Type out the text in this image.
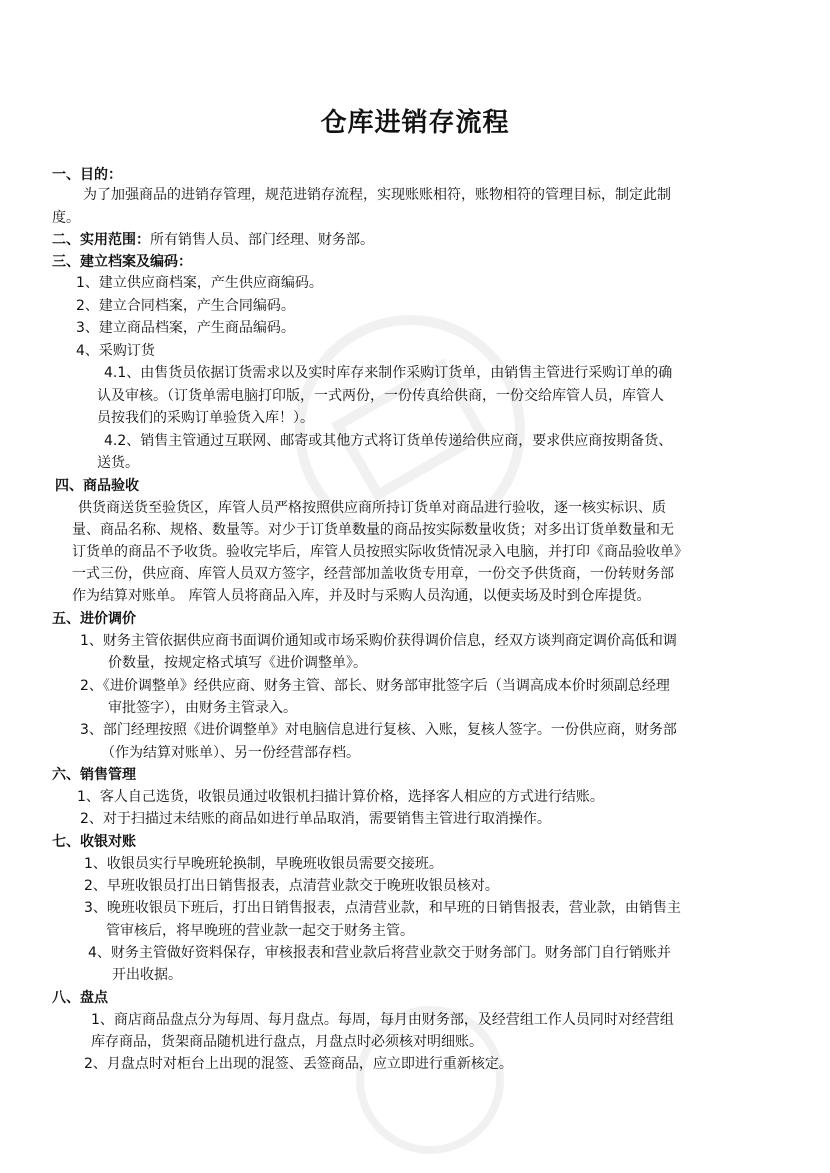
仓库进销存流程
一、目的：
为了加强商品的进销存管理，规范进销存流程，实现账账相符，账物相符的管理目标，制定此制
度。
二、实用范围：所有销售人员、部门经理、财务部。
三、建立档案及编码：
1、建立供应商档案，产生供应商编码。
2、建立合同档案，产生合同编码。
3、建立商品档案，产生商品编码。
4、采购订货
4.1、由售货员依据订货需求以及实时库存来制作采购订货单，由销售主管进行采购订单的确
认及审核。（订货单需电脑打印版，一式两份，一份传真给供商，一份交给库管人员，库管人
员按我们的采购订单验货入库！）。
4.2、销售主管通过互联网、邮寄或其他方式将订货单传递给供应商，要求供应商按期备货、
送货。
四、商品验收
供货商送货至验货区，库管人员严格按照供应商所持订货单对商品进行验收，逐一核实标识、质
量、商品名称、规格、数量等。对少于订货单数量的商品按实际数量收货；对多出订货单数量和无
订货单的商品不予收货。验收完毕后，库管人员按照实际收货情况录入电脑，并打印《商品验收单》
一式三份，供应商、库管人员双方签字，经营部加盖收货专用章，一份交予供货商，一份转财务部
作为结算对账单。 库管人员将商品入库，并及时与采购人员沟通，以便卖场及时到仓库提货。
五、进价调价
1、财务主管依据供应商书面调价通知或市场采购价获得调价信息，经双方谈判商定调价高低和调
价数量，按规定格式填写《进价调整单》。
2、《进价调整单》经供应商、财务主管、部长、财务部审批签字后（当调高成本价时须副总经理
审批签字），由财务主管录入。
3、部门经理按照《进价调整单》对电脑信息进行复核、入账，复核人签字。一份供应商，财务部
（作为结算对账单）、另一份经营部存档。
六、销售管理
1、客人自己选货，收银员通过收银机扫描计算价格，选择客人相应的方式进行结账。
2、对于扫描过未结账的商品如进行单品取消，需要销售主管进行取消操作。
七、收银对账
1、收银员实行早晚班轮换制，早晚班收银员需要交接班。
2、早班收银员打出日销售报表，点清营业款交于晚班收银员核对。
3、晚班收银员下班后，打出日销售报表，点清营业款，和早班的日销售报表，营业款，由销售主
管审核后，将早晚班的营业款一起交于财务主管。
4、财务主管做好资料保存，审核报表和营业款后将营业款交于财务部门。财务部门自行销账并
开出收据。
八、盘点
1、商店商品盘点分为每周、每月盘点。每周，每月由财务部，及经营组工作人员同时对经营组
库存商品，货架商品随机进行盘点，月盘点时必须核对明细账。
2、月盘点时对柜台上出现的混签、丢签商品，应立即进行重新核定。
